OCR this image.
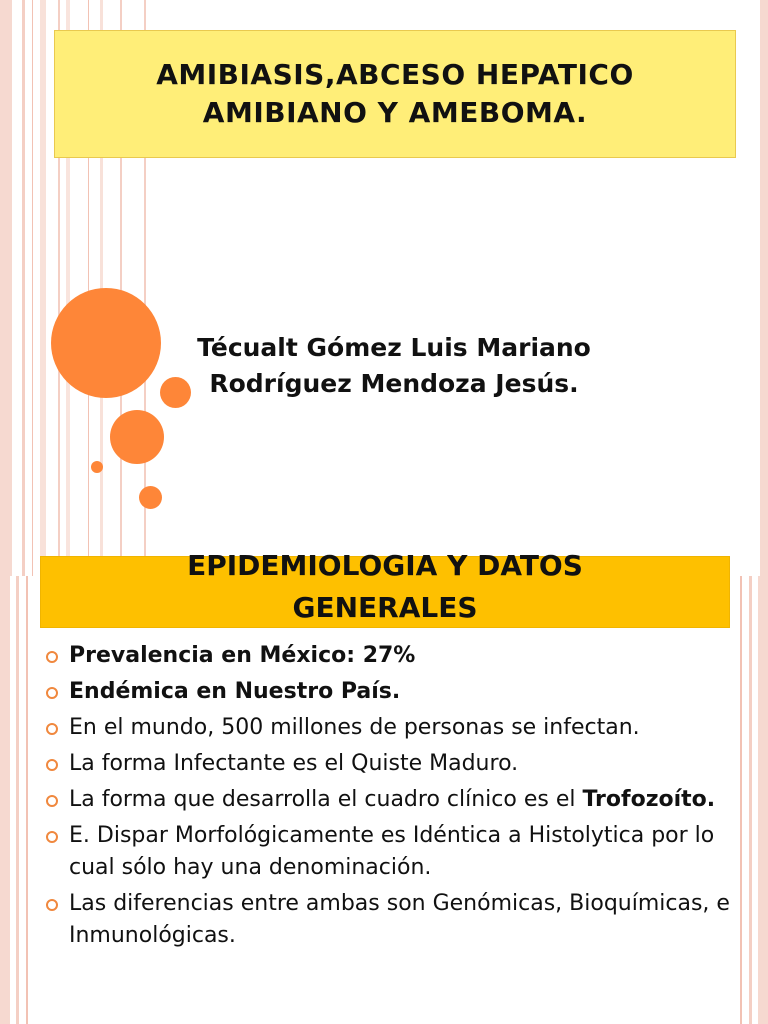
AMIBIASIS,ABCESO HEPATICO
AMIBIANO Y AMEBOMA.

Técualt Gómez Luis Mariano
Rodríguez Mendoza Jesús.
EPIDEMIOLOGIA Y DATOS
GENERALES
Prevalencia en México: 27%
Endémica en Nuestro País.
En el mundo, 500 millones de personas se infectan.
La forma Infectante es el Quiste Maduro.
La forma que desarrolla el cuadro clínico es el Trofozoíto.
E. Dispar Morfológicamente es Idéntica a Histolytica por lo cual sólo hay una denominación.
Las diferencias entre ambas son Genómicas, Bioquímicas, e Inmunológicas.
